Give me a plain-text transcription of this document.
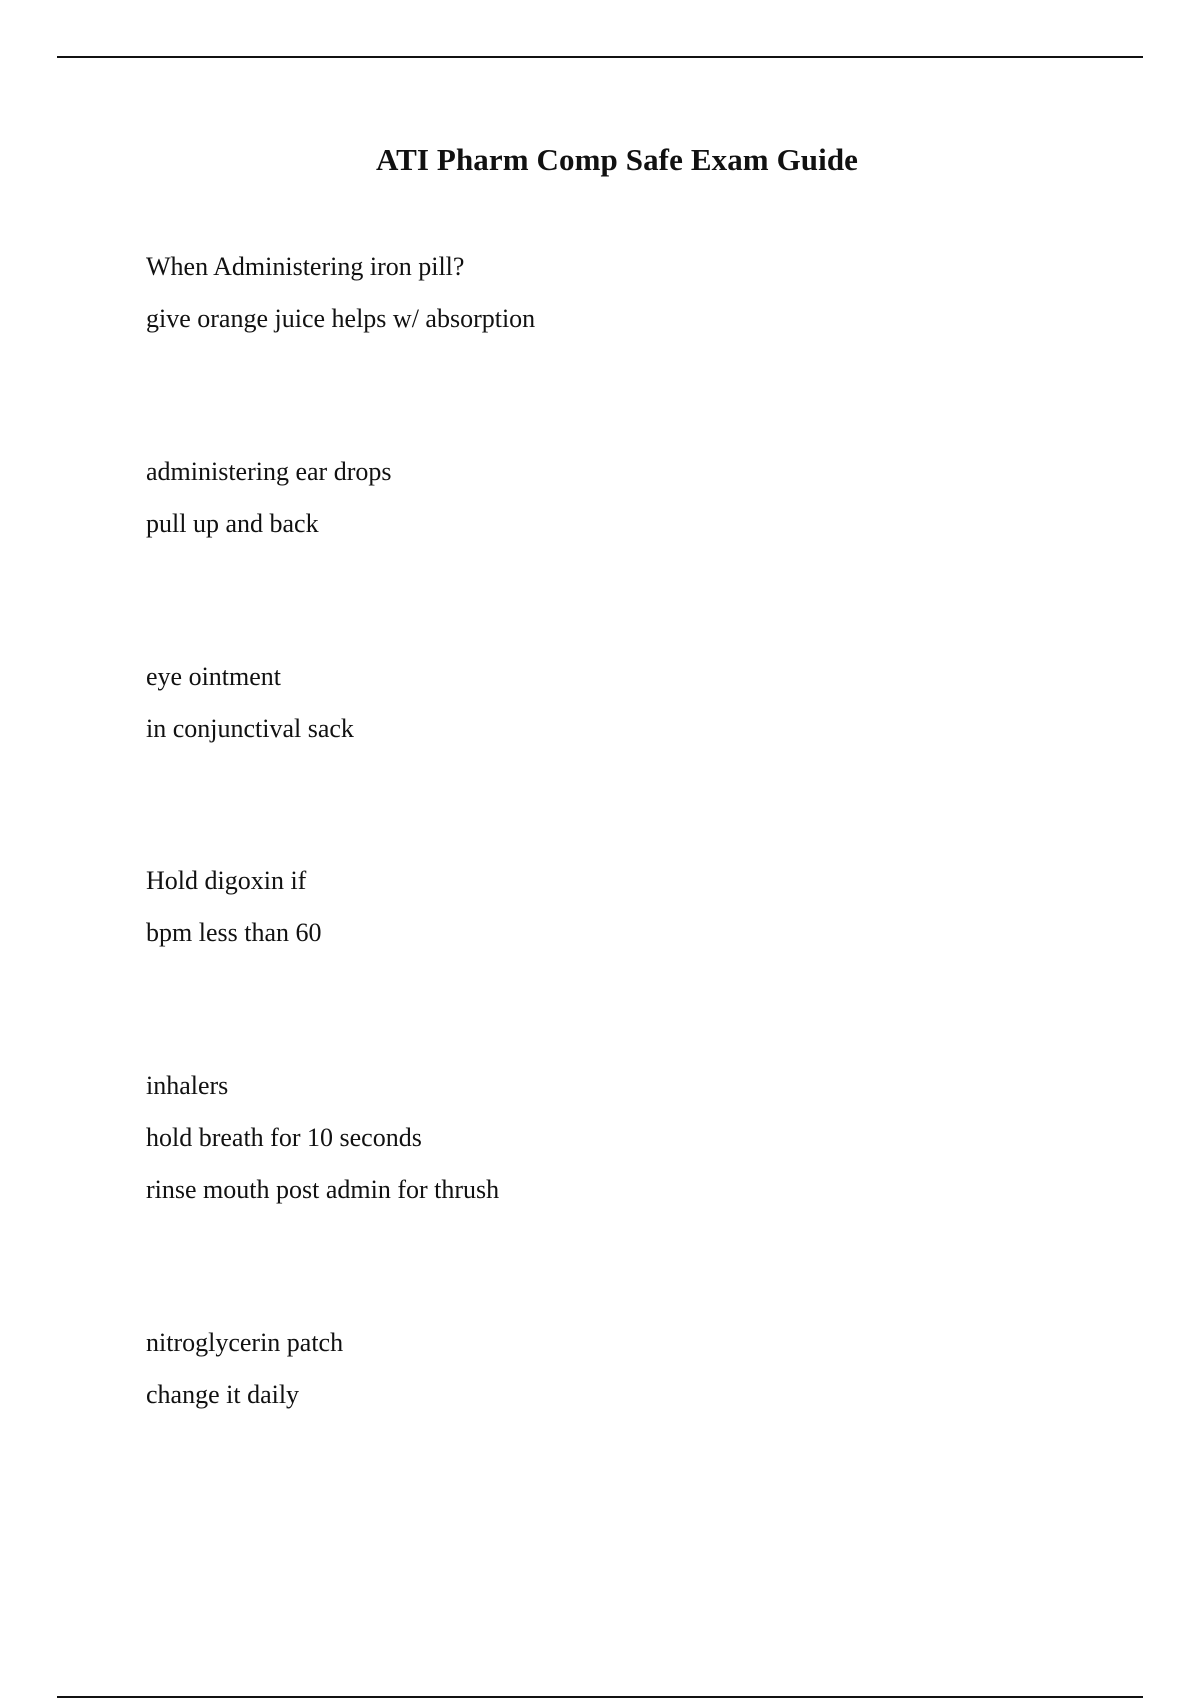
ATI Pharm Comp Safe Exam Guide
When Administering iron pill?
give orange juice helps w/ absorption
administering ear drops
pull up and back
eye ointment
in conjunctival sack
Hold digoxin if
bpm less than 60
inhalers
hold breath for 10 seconds
rinse mouth post admin for thrush
nitroglycerin patch
change it daily
